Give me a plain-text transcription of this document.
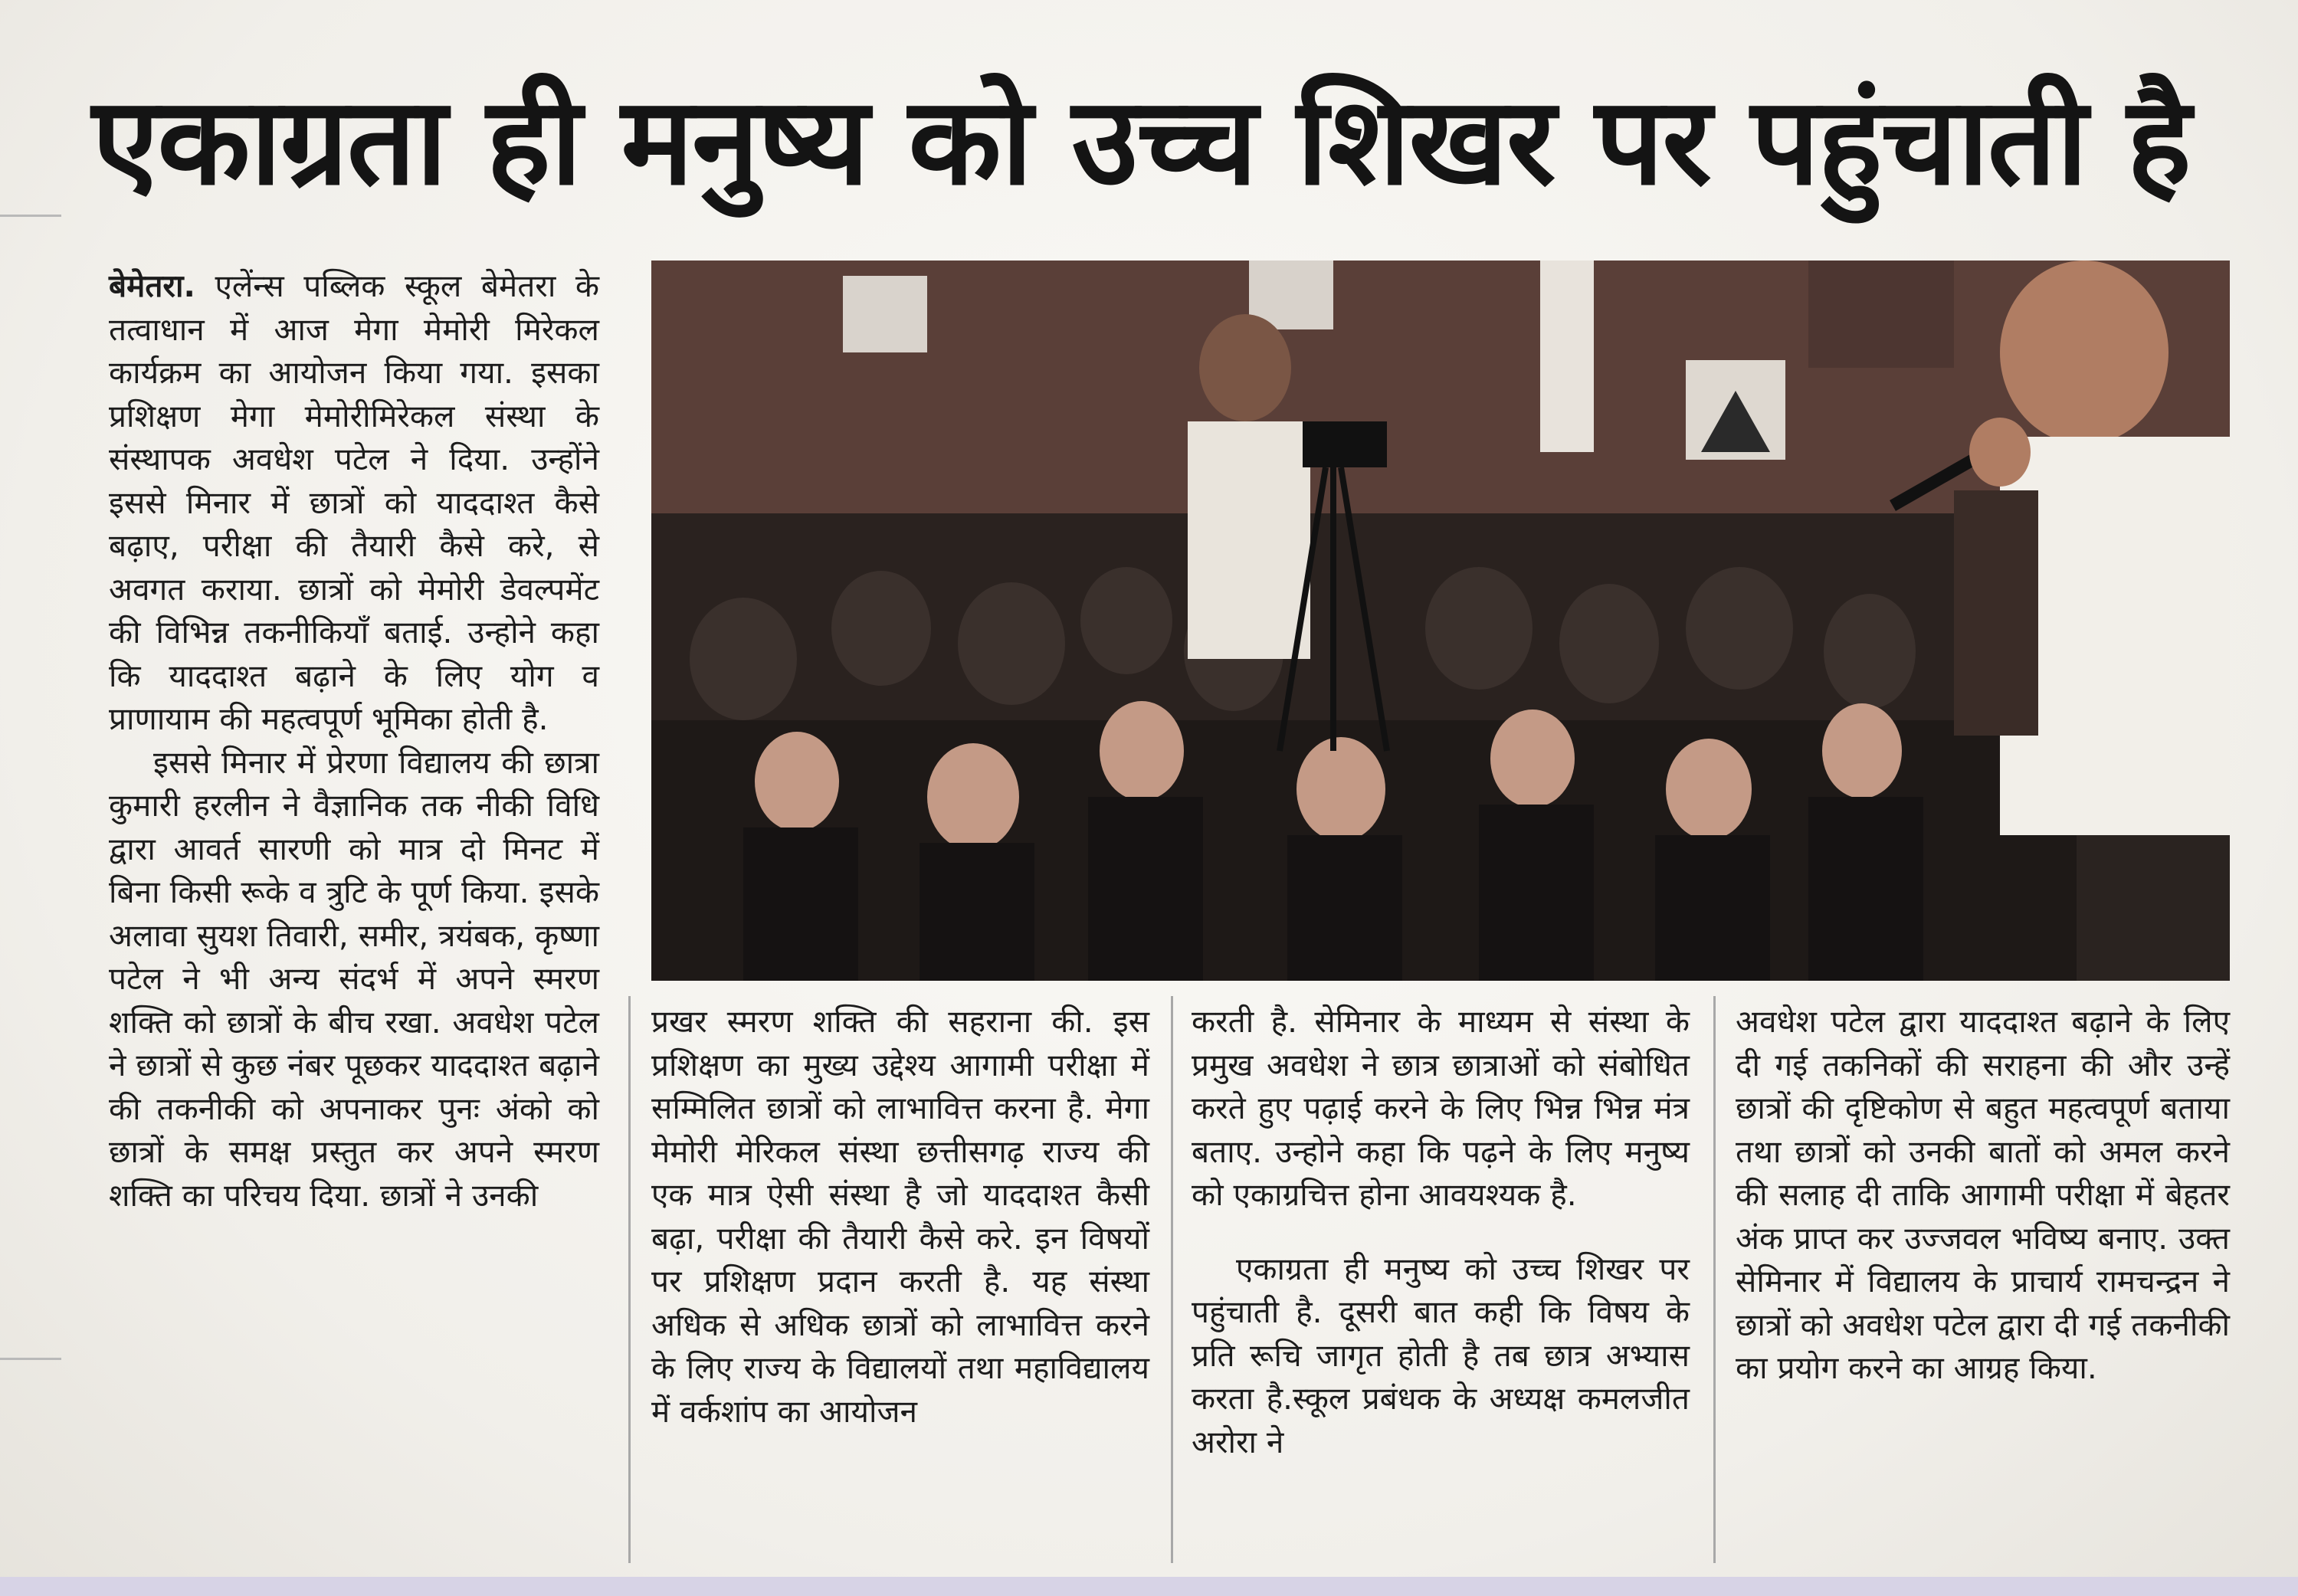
एकाग्रता ही मनुष्य को उच्च शिखर पर पहुंचाती है

बेमेतरा. एलेंन्स पब्लिक स्कूल बेमेतरा के तत्वाधान में आज मेगा मेमोरी मिरेकल कार्यक्रम का आयोजन किया गया. इसका प्रशिक्षण मेगा मेमोरीमिरेकल संस्था के संस्थापक अवधेश पटेल ने दिया. उन्होंने इससे मिनार में छात्रों को याददाश्त कैसे बढ़ाए, परीक्षा की तैयारी कैसे करे, से अवगत कराया. छात्रों को मेमोरी डेवल्पमेंट की विभिन्न तकनीकियाँ बताई. उन्होने कहा कि याददाश्त बढ़ाने के लिए योग व प्राणायाम की महत्वपूर्ण भूमिका होती है.

इससे मिनार में प्रेरणा विद्यालय की छात्रा कुमारी हरलीन ने वैज्ञानिक तक नीकी विधि द्वारा आवर्त सारणी को मात्र दो मिनट में बिना किसी रूके व त्रुटि के पूर्ण किया. इसके अलावा सुयश तिवारी, समीर, त्रयंबक, कृष्णा पटेल ने भी अन्य संदर्भ में अपने स्मरण शक्ति को छात्रों के बीच रखा. अवधेश पटेल ने छात्रों से कुछ नंबर पूछकर याददाश्त बढ़ाने की तकनीकी को अपनाकर पुनः अंको को छात्रों के समक्ष प्रस्तुत कर अपने स्मरण शक्ति का परिचय दिया. छात्रों ने उनकी

प्रखर स्मरण शक्ति की सहराना की. इस प्रशिक्षण का मुख्य उद्देश्य आगामी परीक्षा में सम्मिलित छात्रों को लाभावित्त करना है. मेगा मेमोरी मेरिकल संस्था छत्तीसगढ़ राज्य की एक मात्र ऐसी संस्था है जो याददाश्त कैसी बढ़ा, परीक्षा की तैयारी कैसे करे. इन विषयों पर प्रशिक्षण प्रदान करती है. यह संस्था अधिक से अधिक छात्रों को लाभावित्त करने के लिए राज्य के विद्यालयों तथा महाविद्यालय में वर्कशांप का आयोजन

करती है. सेमिनार के माध्यम से संस्था के प्रमुख अवधेश ने छात्र छात्राओं को संबोधित करते हुए पढ़ाई करने के लिए भिन्न भिन्न मंत्र बताए. उन्होने कहा कि पढ़ने के लिए मनुष्य को एकाग्रचित्त होना आवयश्यक है.

एकाग्रता ही मनुष्य को उच्च शिखर पर पहुंचाती है. दूसरी बात कही कि विषय के प्रति रूचि जागृत होती है तब छात्र अभ्यास करता है.स्कूल प्रबंधक के अध्यक्ष कमलजीत अरोरा ने

अवधेश पटेल द्वारा याददाश्त बढ़ाने के लिए दी गई तकनिकों की सराहना की और उन्हें छात्रों की दृष्टिकोण से बहुत महत्वपूर्ण बताया तथा छात्रों को उनकी बातों को अमल करने की सलाह दी ताकि आगामी परीक्षा में बेहतर अंक प्राप्त कर उज्जवल भविष्य बनाए. उक्त सेमिनार में विद्यालय के प्राचार्य रामचन्द्रन ने छात्रों को अवधेश पटेल द्वारा दी गई तकनीकी का प्रयोग करने का आग्रह किया.
